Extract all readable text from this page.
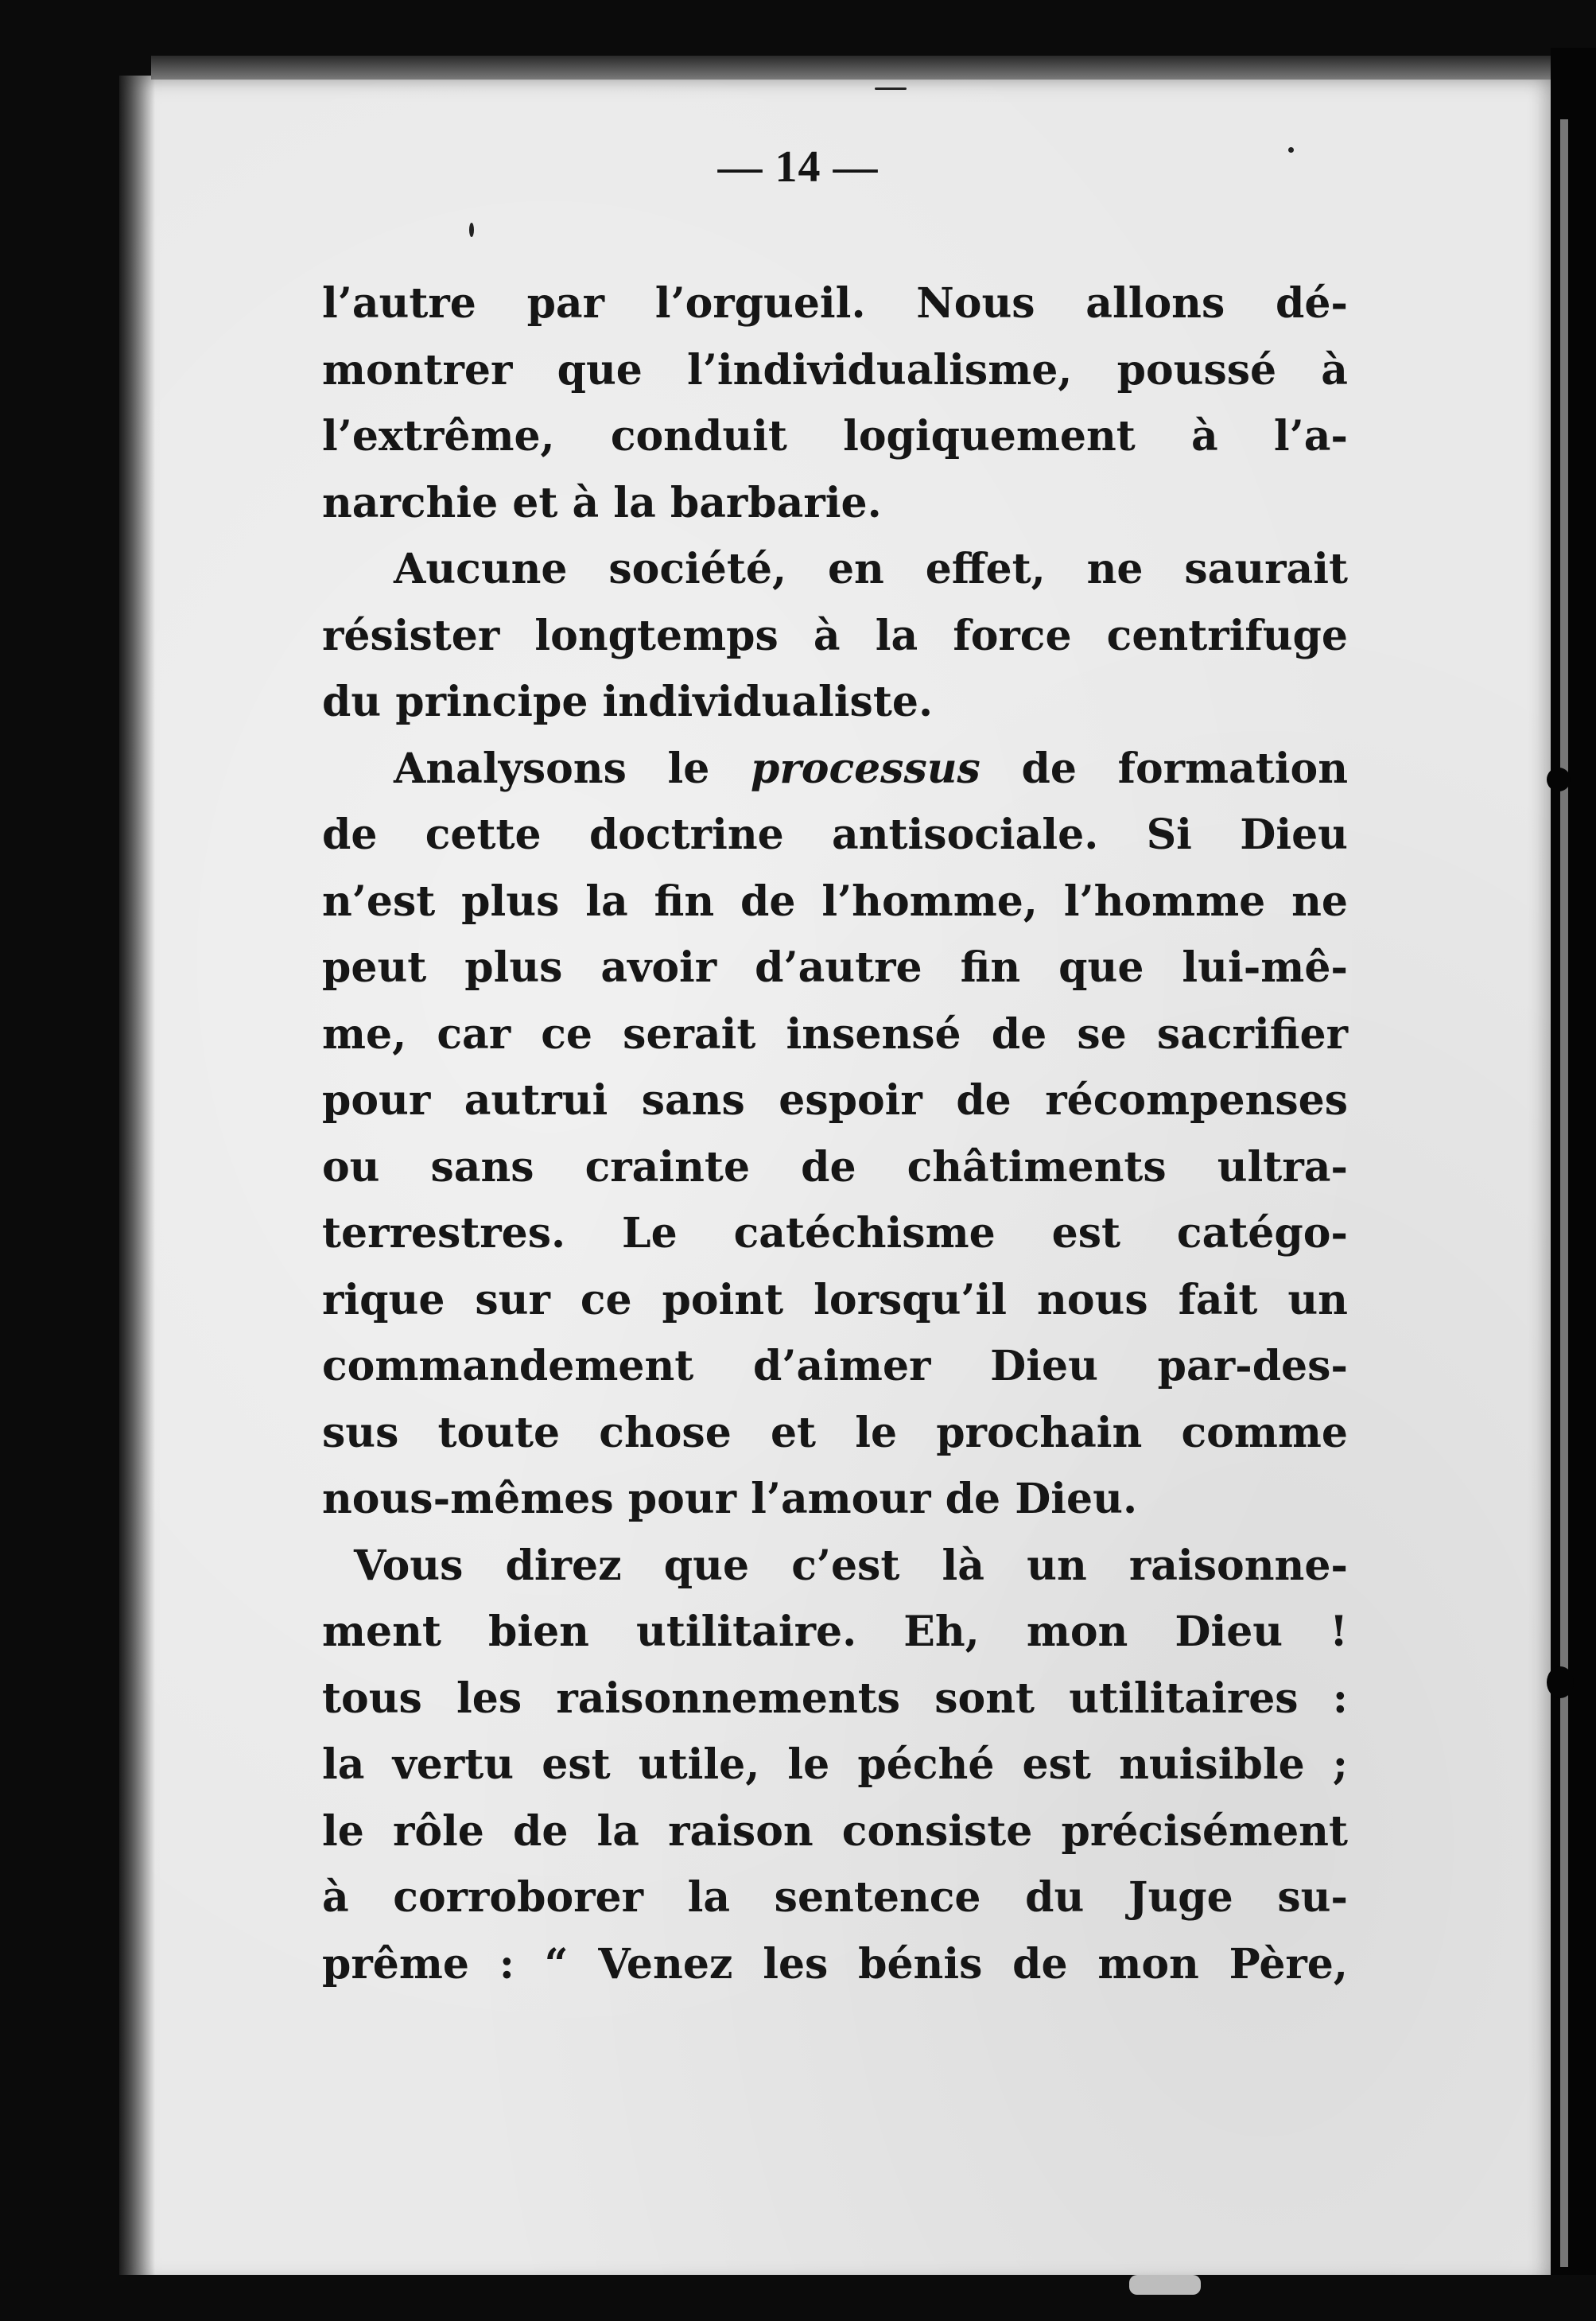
— 14 —
l’autre par l’orgueil. Nous allons dé-
montrer que l’individualisme, poussé à
l’extrême, conduit logiquement à l’a-
narchie et à la barbarie.
Aucune société, en effet, ne saurait
résister longtemps à la force centrifuge
du principe individualiste.
Analysons le processus de formation
de cette doctrine antisociale. Si Dieu
n’est plus la fin de l’homme, l’homme ne
peut plus avoir d’autre fin que lui-mê-
me, car ce serait insensé de se sacrifier
pour autrui sans espoir de récompenses
ou sans crainte de châtiments ultra-
terrestres. Le catéchisme est catégo-
rique sur ce point lorsqu’il nous fait un
commandement d’aimer Dieu par-des-
sus toute chose et le prochain comme
nous-mêmes pour l’amour de Dieu.
Vous direz que c’est là un raisonne-
ment bien utilitaire. Eh, mon Dieu !
tous les raisonnements sont utilitaires :
la vertu est utile, le péché est nuisible ;
le rôle de la raison consiste précisément
à corroborer la sentence du Juge su-
prême : “ Venez les bénis de mon Père,
